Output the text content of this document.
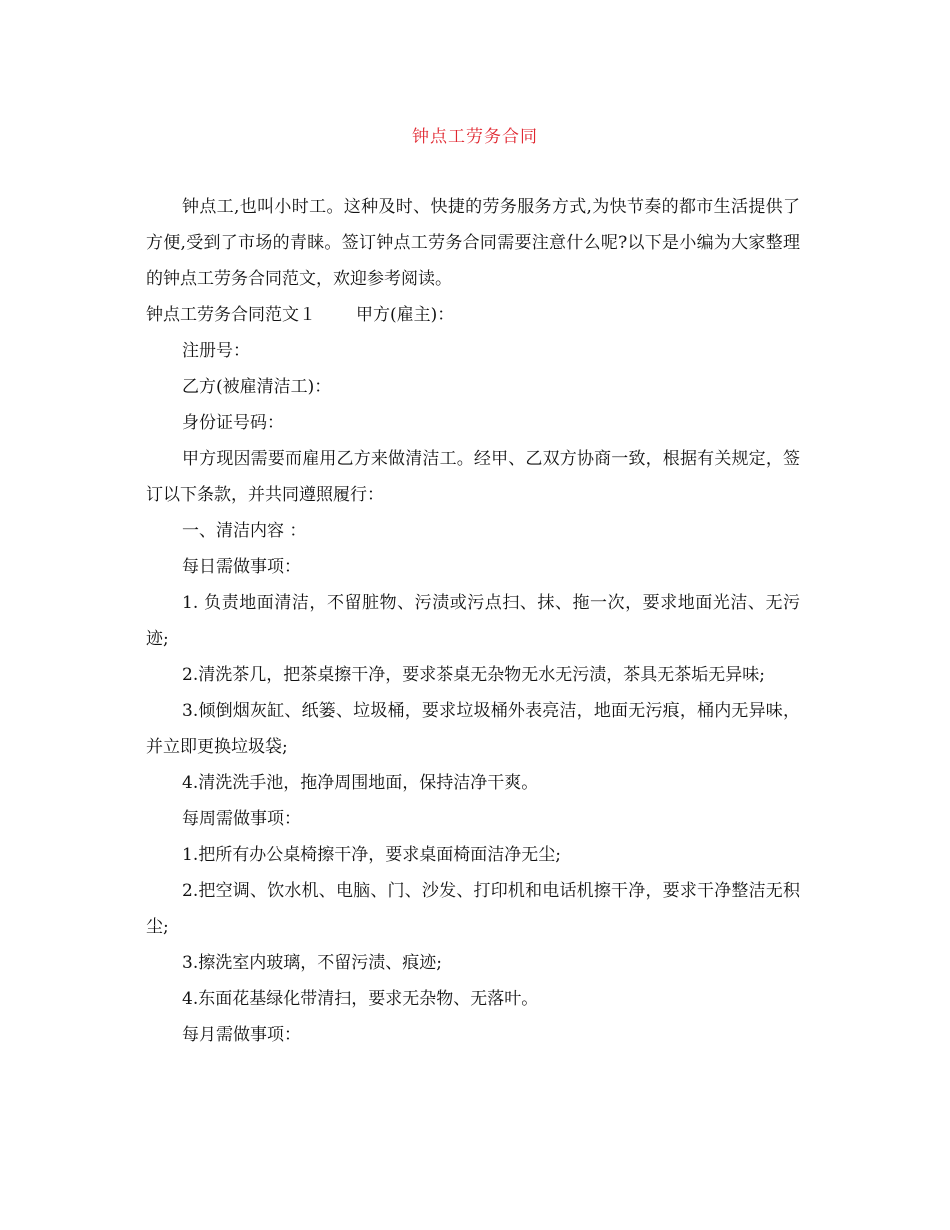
钟点工劳务合同

钟点工,也叫小时工。这种及时、快捷的劳务服务方式,为快节奏的都市生活提供了方便,受到了市场的青睐。签订钟点工劳务合同需要注意什么呢?以下是小编为大家整理的钟点工劳务合同范文，欢迎参考阅读。

钟点工劳务合同范文１ 甲方(雇主)：

注册号：

乙方(被雇清洁工)：

身份证号码：

甲方现因需要而雇用乙方来做清洁工。经甲、乙双方协商一致，根据有关规定，签订以下条款，并共同遵照履行：

一、清洁内容 ：

每日需做事项：

1. 负责地面清洁，不留脏物、污渍或污点扫、抹、拖一次，要求地面光洁、无污迹;

2.清洗茶几，把茶桌擦干净，要求茶桌无杂物无水无污渍，茶具无茶垢无异味;

3.倾倒烟灰缸、纸篓、垃圾桶，要求垃圾桶外表亮洁，地面无污痕，桶内无异味，并立即更换垃圾袋;

4.清洗洗手池，拖净周围地面，保持洁净干爽。

每周需做事项：

1.把所有办公桌椅擦干净，要求桌面椅面洁净无尘;

2.把空调、饮水机、电脑、门、沙发、打印机和电话机擦干净，要求干净整洁无积尘;

3.擦洗室内玻璃，不留污渍、痕迹;

4.东面花基绿化带清扫，要求无杂物、无落叶。

每月需做事项：
